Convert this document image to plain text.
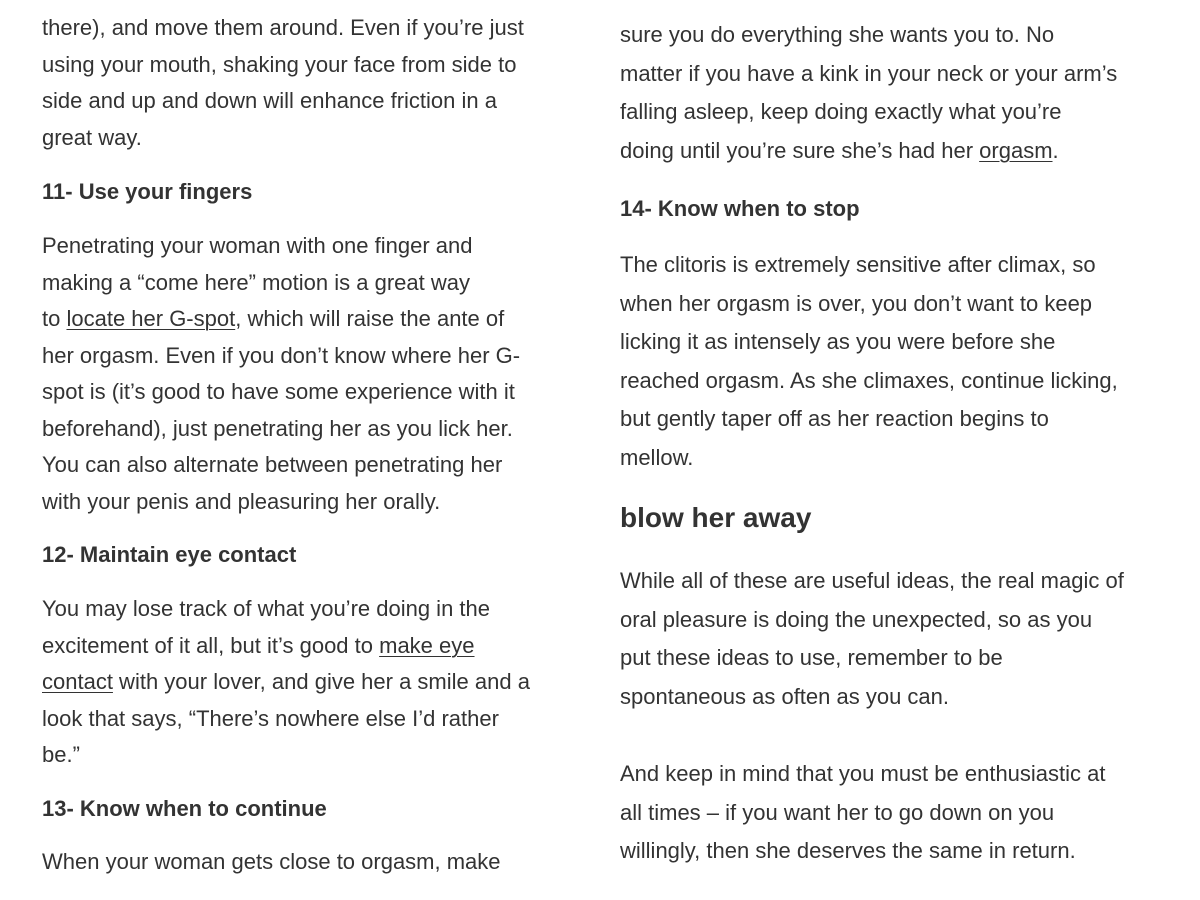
there), and move them around. Even if you’re just
using your mouth, shaking your face from side to
side and up and down will enhance friction in a
great way.

11- Use your fingers

Penetrating your woman with one finger and
making a “come here” motion is a great way
to locate her G-spot, which will raise the ante of
her orgasm. Even if you don’t know where her G-
spot is (it’s good to have some experience with it
beforehand), just penetrating her as you lick her.
You can also alternate between penetrating her
with your penis and pleasuring her orally.

12- Maintain eye contact

You may lose track of what you’re doing in the
excitement of it all, but it’s good to make eye
contact with your lover, and give her a smile and a
look that says, “There’s nowhere else I’d rather
be.”

13- Know when to continue

When your woman gets close to orgasm, make

sure you do everything she wants you to. No
matter if you have a kink in your neck or your arm’s
falling asleep, keep doing exactly what you’re
doing until you’re sure she’s had her orgasm.

14- Know when to stop

The clitoris is extremely sensitive after climax, so
when her orgasm is over, you don’t want to keep
licking it as intensely as you were before she
reached orgasm. As she climaxes, continue licking,
but gently taper off as her reaction begins to
mellow.

blow her away

While all of these are useful ideas, the real magic of
oral pleasure is doing the unexpected, so as you
put these ideas to use, remember to be
spontaneous as often as you can.

And keep in mind that you must be enthusiastic at
all times – if you want her to go down on you
willingly, then she deserves the same in return.
